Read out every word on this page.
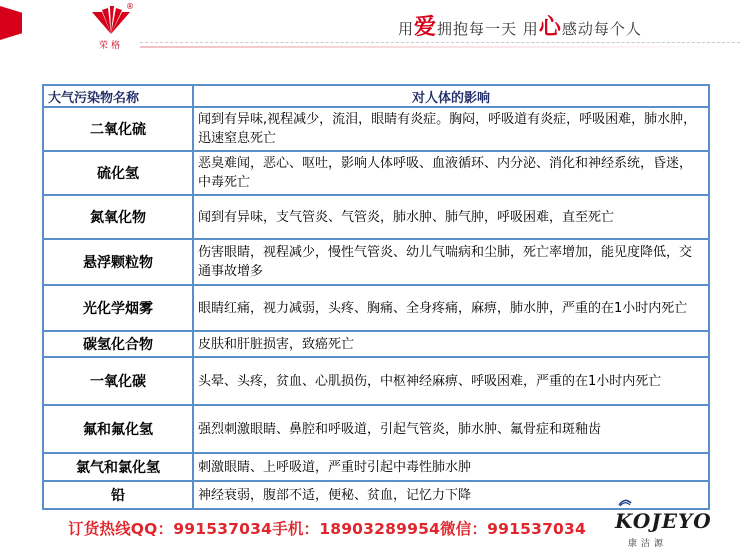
®
荣格
用爱拥抱每一天 用心感动每个人
大气污染物名称	对人体的影响
二氧化硫	闻到有异味,视程减少，流泪，眼睛有炎症。胸闷，呼吸道有炎症，呼吸困难，肺水肿，迅速窒息死亡
硫化氢	恶臭难闻，恶心、呕吐，影响人体呼吸、血液循环、内分泌、消化和神经系统，昏迷，中毒死亡
氮氧化物	闻到有异味，支气管炎、气管炎，肺水肿、肺气肿，呼吸困难，直至死亡
悬浮颗粒物	伤害眼睛，视程减少，慢性气管炎、幼儿气喘病和尘肺，死亡率增加，能见度降低，交通事故增多
光化学烟雾	眼睛红痛，视力减弱，头疼、胸痛、全身疼痛，麻痹，肺水肿，严重的在1小时内死亡
碳氢化合物	皮肤和肝脏损害，致癌死亡
一氧化碳	头晕、头疼，贫血、心肌损伤，中枢神经麻痹、呼吸困难，严重的在1小时内死亡
氟和氟化氢	强烈刺激眼睛、鼻腔和呼吸道，引起气管炎，肺水肿、氟骨症和斑釉齿
氯气和氯化氢	刺激眼睛、上呼吸道，严重时引起中毒性肺水肿
铅	神经衰弱，腹部不适，便秘、贫血，记忆力下降
订货热线QQ：991537034手机：18903289954微信：991537034 KOJEYO
康洁源
